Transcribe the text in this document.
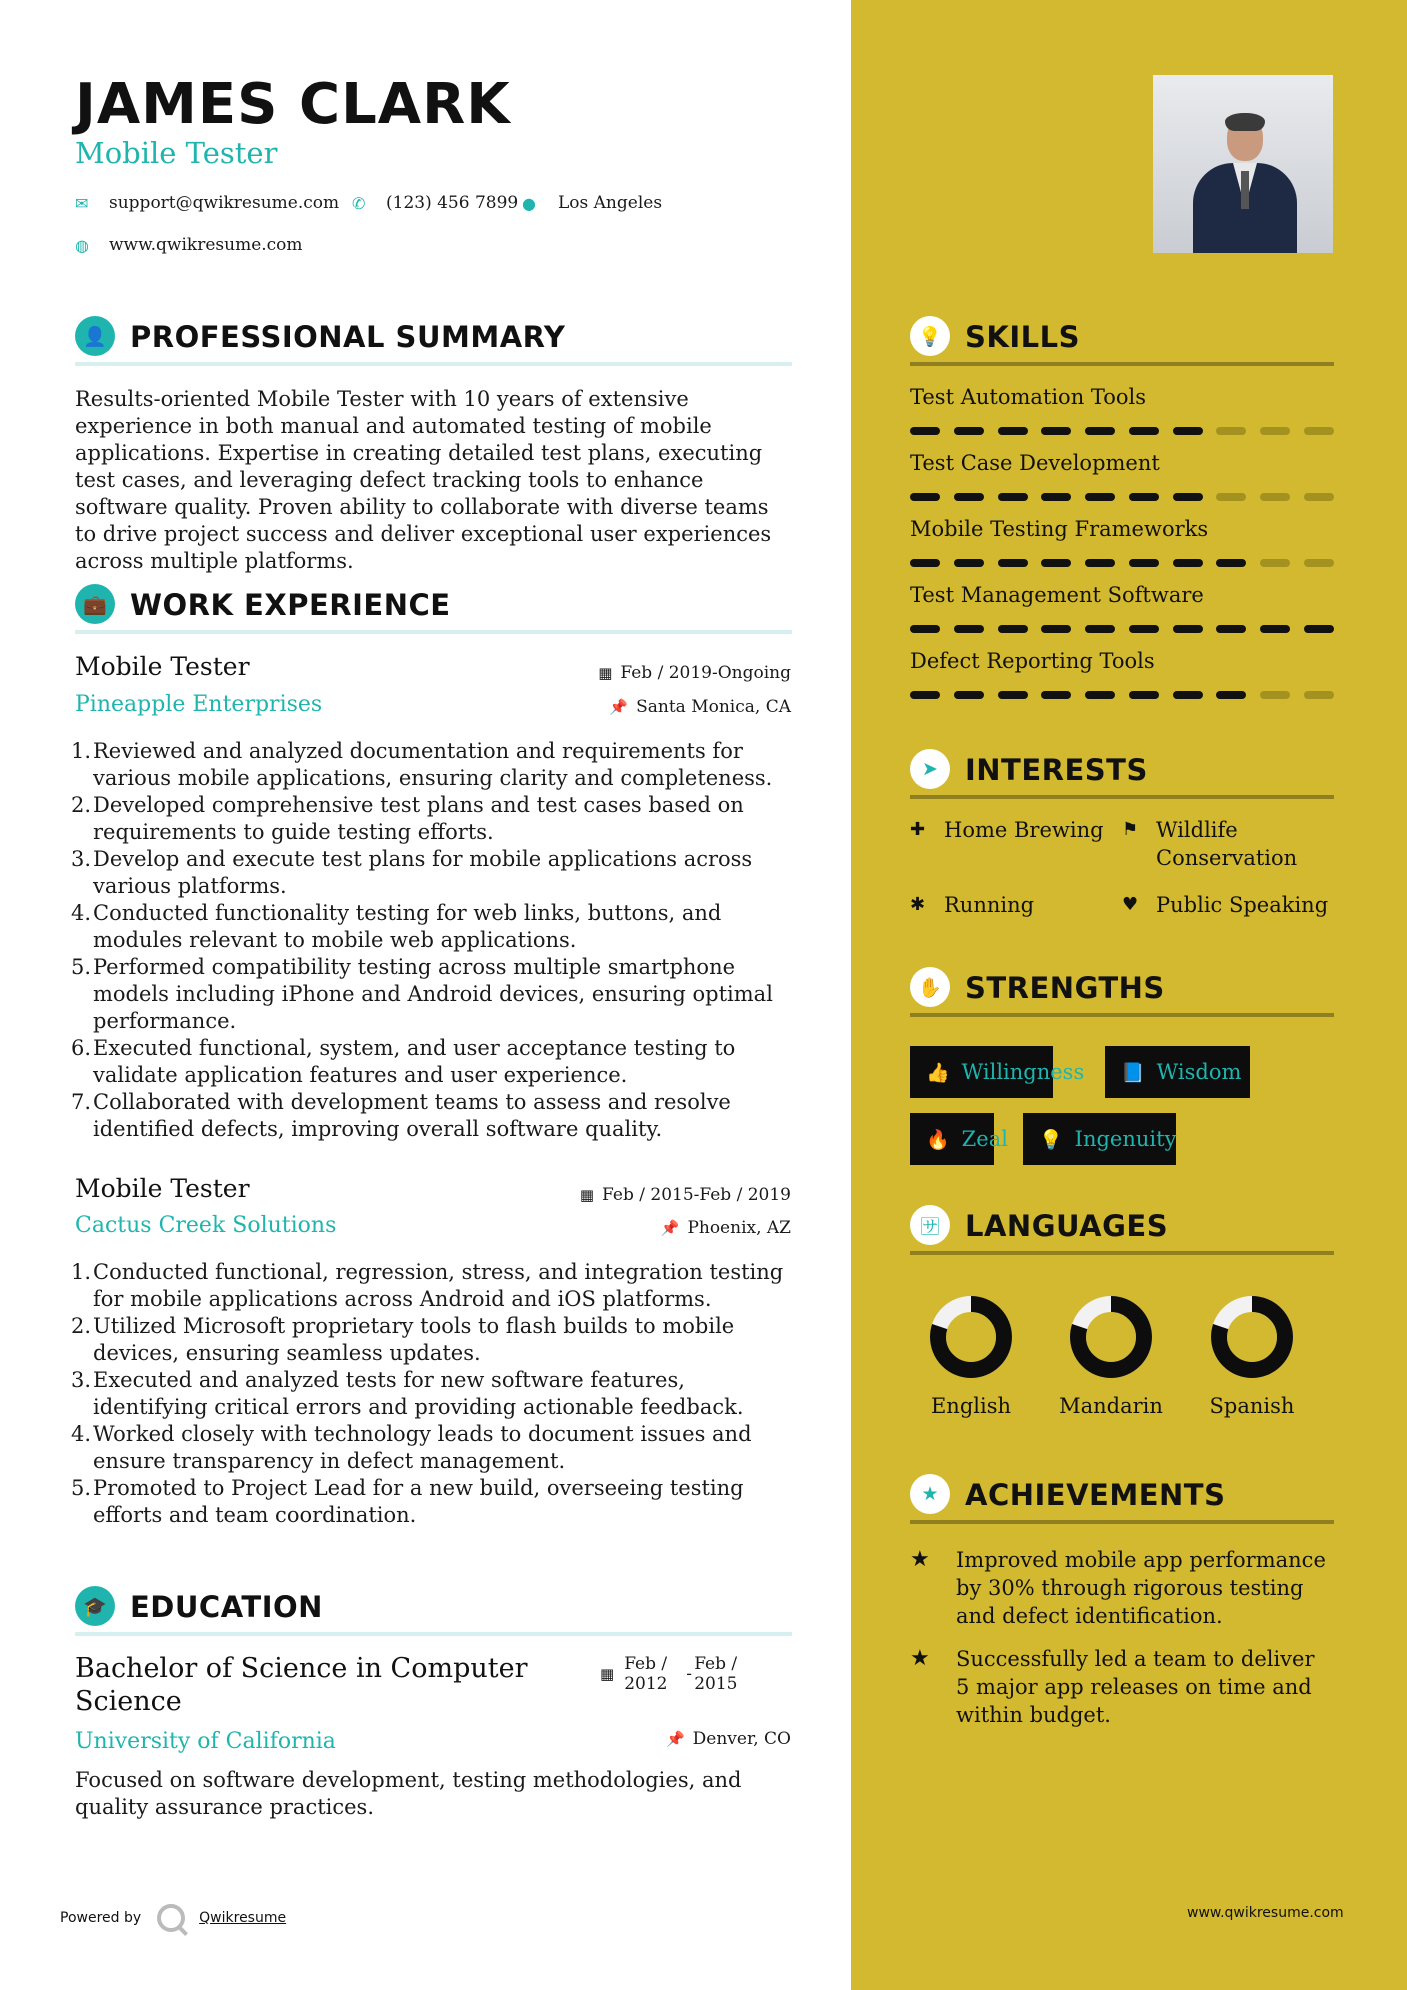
JAMES CLARK
Mobile Tester
✉	support@qwikresume.com ✆	(123) 456 7899 ●	Los Angeles
◍	www.qwikresume.com
👤 PROFESSIONAL SUMMARY
Results-oriented Mobile Tester with 10 years of extensive experience in both manual and automated testing of mobile applications. Expertise in creating detailed test plans, executing test cases, and leveraging defect tracking tools to enhance software quality. Proven ability to collaborate with diverse teams to drive project success and deliver exceptional user experiences across multiple platforms.
💼 WORK EXPERIENCE
Mobile Tester	▦ Feb / 2019-Ongoing
Pineapple Enterprises	📌 Santa Monica, CA
1. Reviewed and analyzed documentation and requirements for various mobile applications, ensuring clarity and completeness.
2. Developed comprehensive test plans and test cases based on requirements to guide testing efforts.
3. Develop and execute test plans for mobile applications across various platforms.
4. Conducted functionality testing for web links, buttons, and modules relevant to mobile web applications.
5. Performed compatibility testing across multiple smartphone models including iPhone and Android devices, ensuring optimal performance.
6. Executed functional, system, and user acceptance testing to validate application features and user experience.
7. Collaborated with development teams to assess and resolve identified defects, improving overall software quality.
Mobile Tester	▦ Feb / 2015-Feb / 2019
Cactus Creek Solutions	📌 Phoenix, AZ
1. Conducted functional, regression, stress, and integration testing for mobile applications across Android and iOS platforms.
2. Utilized Microsoft proprietary tools to flash builds to mobile devices, ensuring seamless updates.
3. Executed and analyzed tests for new software features, identifying critical errors and providing actionable feedback.
4. Worked closely with technology leads to document issues and ensure transparency in defect management.
5. Promoted to Project Lead for a new build, overseeing testing efforts and team coordination.
🎓 EDUCATION
Bachelor of Science in Computer Science
▦ Feb /
2012	- Feb /
2015
University of California	📌 Denver, CO
Focused on software development, testing methodologies, and quality assurance practices.
Powered by	Qwikresume	www.qwikresume.com
💡 SKILLS
Test Automation Tools
Test Case Development
Mobile Testing Frameworks
Test Management Software
Defect Reporting Tools
➤ INTERESTS
✚ Home Brewing ⚑ Wildlife Conservation
✱ Running	♥ Public Speaking
✋ STRENGTHS
👍 Willingness 📘 Wisdom
🔥 Zeal 💡 Ingenuity
🈂 LANGUAGES
English	Mandarin	Spanish
★ ACHIEVEMENTS
★	Improved mobile app performance by 30% through rigorous testing and defect identification.
★	Successfully led a team to deliver 5 major app releases on time and within budget.
